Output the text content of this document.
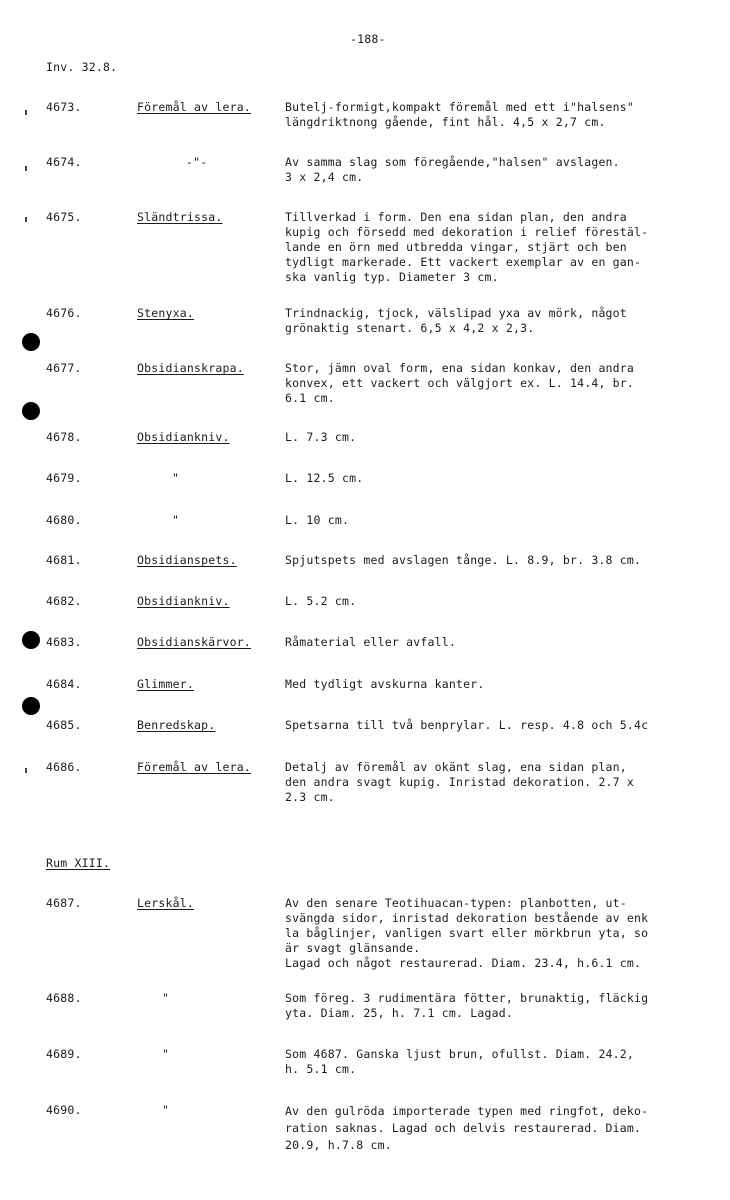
-188-
Inv. 32.8.
4673.	Föremål av lera.	Butelj-formigt,kompakt föremål med ett i"halsens"
längdriktnong gående, fint hål. 4,5 x 2,7 cm.
4674.	-"-	Av samma slag som föregående,"halsen" avslagen.
3 x 2,4 cm.
4675.	Sländtrissa.	Tillverkad i form. Den ena sidan plan, den andra
kupig och försedd med dekoration i relief förestäl-
lande en örn med utbredda vingar, stjärt och ben
tydligt markerade. Ett vackert exemplar av en gan-
ska vanlig typ. Diameter 3 cm.
4676.	Stenyxa.	Trindnackig, tjock, välslipad yxa av mörk, något
grönaktig stenart. 6,5 x 4,2 x 2,3.
4677.	Obsidianskrapa.	Stor, jämn oval form, ena sidan konkav, den andra
konvex, ett vackert och välgjort ex. L. 14.4, br.
6.1 cm.
4678.	Obsidiankniv.	L. 7.3 cm.
4679.	"	L. 12.5 cm.
4680.	"	L. 10 cm.
4681.	Obsidianspets.	Spjutspets med avslagen tånge. L. 8.9, br. 3.8 cm.
4682.	Obsidiankniv.	L. 5.2 cm.
4683.	Obsidianskärvor.	Råmaterial eller avfall.
4684.	Glimmer.	Med tydligt avskurna kanter.
4685.	Benredskap.	Spetsarna till två benprylar. L. resp. 4.8 och 5.4c
4686.	Föremål av lera.	Detalj av föremål av okänt slag, ena sidan plan,
den andra svagt kupig. Inristad dekoration. 2.7 x
2.3 cm.
Rum XIII.
4687.	Lerskål.	Av den senare Teotihuacan-typen: planbotten, ut-
svängda sidor, inristad dekoration bestående av enk
la båglinjer, vanligen svart eller mörkbrun yta, so
är svagt glänsande.
Lagad och något restaurerad. Diam. 23.4, h.6.1 cm.
4688.	"	Som föreg. 3 rudimentära fötter, brunaktig, fläckig
yta. Diam. 25, h. 7.1 cm. Lagad.
4689.	"	Som 4687. Ganska ljust brun, ofullst. Diam. 24.2,
h. 5.1 cm.
4690.	"	Av den gulröda importerade typen med ringfot, deko-
ration saknas. Lagad och delvis restaurerad. Diam.
20.9, h.7.8 cm.
